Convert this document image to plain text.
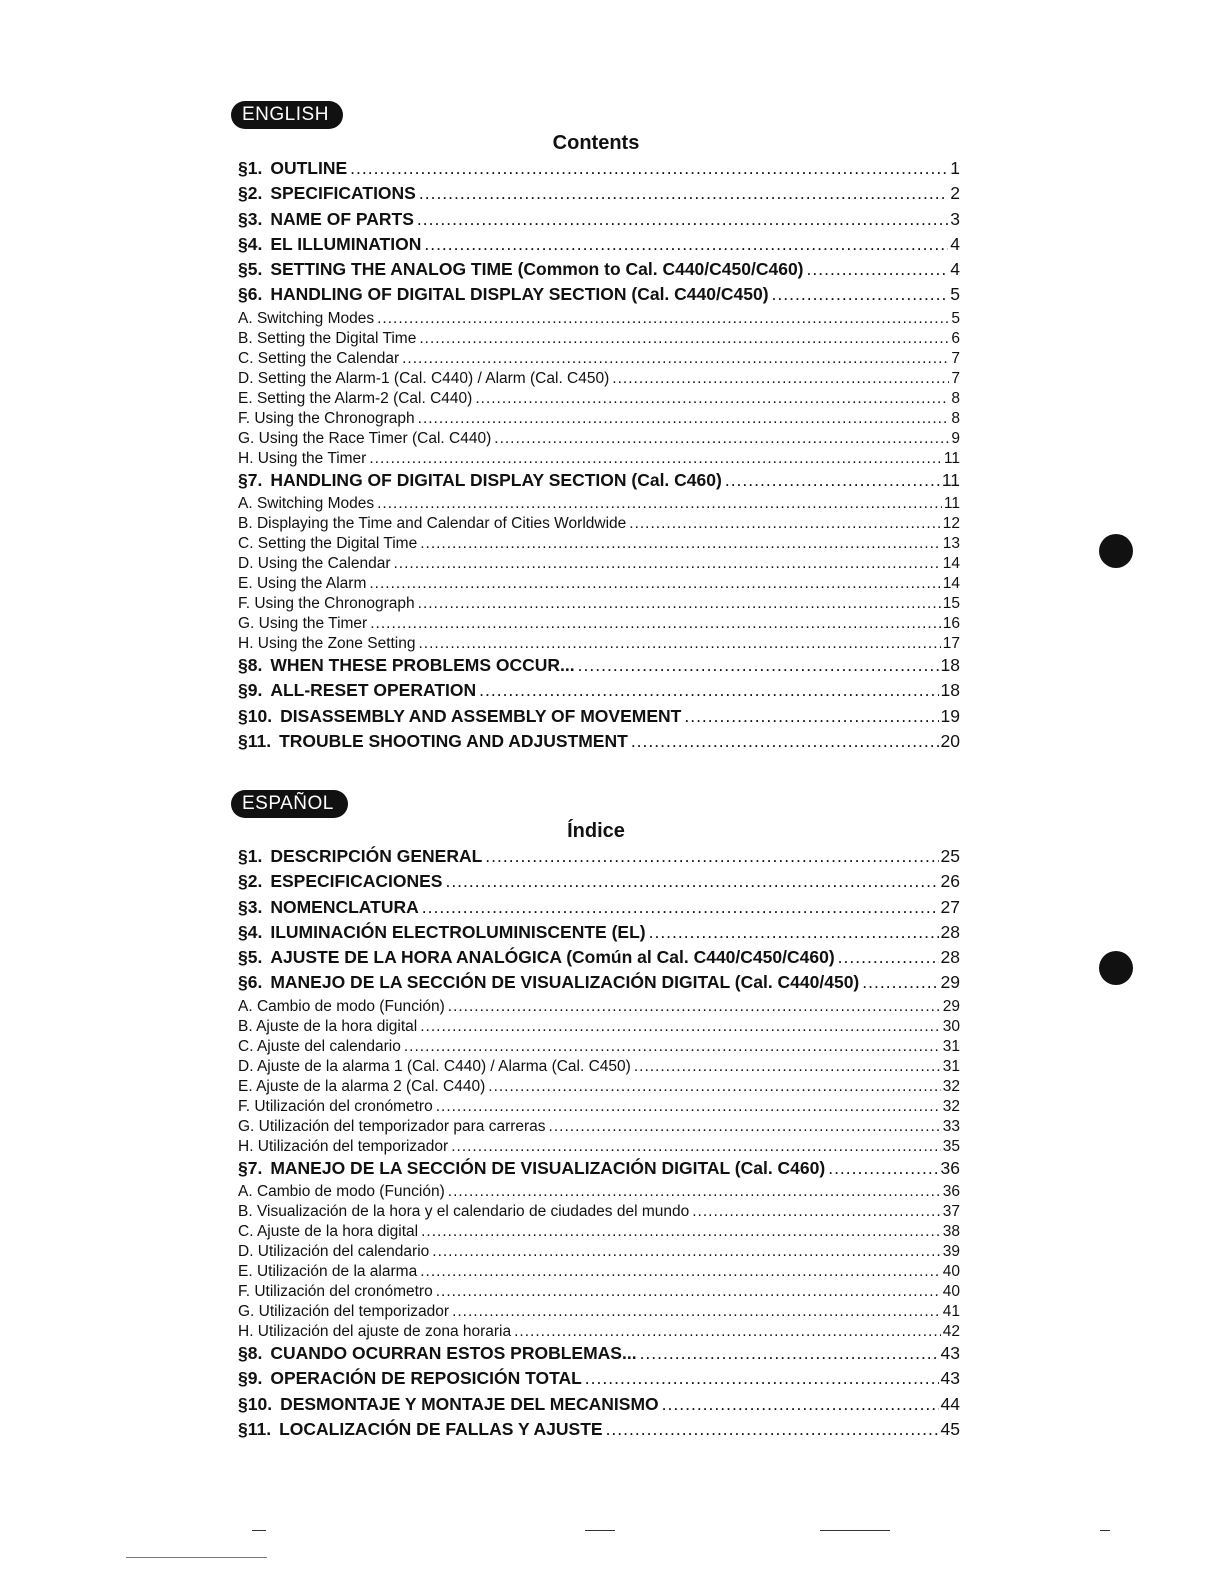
ENGLISH
Contents
§1. OUTLINE .....	1
§2. SPECIFICATIONS .....	2
§3. NAME OF PARTS .....	3
§4. EL ILLUMINATION .....	4
§5. SETTING THE ANALOG TIME (Common to Cal. C440/C450/C460) .....	4
§6. HANDLING OF DIGITAL DISPLAY SECTION (Cal. C440/C450) .....	5
A. Switching Modes .....	5
B. Setting the Digital Time .....	6
C. Setting the Calendar .....	7
D. Setting the Alarm-1 (Cal. C440) / Alarm (Cal. C450) .....	7
E. Setting the Alarm-2 (Cal. C440) .....	8
F. Using the Chronograph .....	8
G. Using the Race Timer (Cal. C440) .....	9
H. Using the Timer .....	11
§7. HANDLING OF DIGITAL DISPLAY SECTION (Cal. C460) .....	11
A. Switching Modes .....	11
B. Displaying the Time and Calendar of Cities Worldwide .....	12
C. Setting the Digital Time .....	13
D. Using the Calendar .....	14
E. Using the Alarm .....	14
F. Using the Chronograph .....	15
G. Using the Timer .....	16
H. Using the Zone Setting .....	17
§8. WHEN THESE PROBLEMS OCCUR... .....	18
§9. ALL-RESET OPERATION .....	18
§10. DISASSEMBLY AND ASSEMBLY OF MOVEMENT .....	19
§11. TROUBLE SHOOTING AND ADJUSTMENT .....	20
ESPAÑOL
Índice
§1. DESCRIPCIÓN GENERAL .....	25
§2. ESPECIFICACIONES .....	26
§3. NOMENCLATURA .....	27
§4. ILUMINACIÓN ELECTROLUMINISCENTE (EL) .....	28
§5. AJUSTE DE LA HORA ANALÓGICA (Común al Cal. C440/C450/C460) .....	28
§6. MANEJO DE LA SECCIÓN DE VISUALIZACIÓN DIGITAL (Cal. C440/450) .....	29
A. Cambio de modo (Función) .....	29
B. Ajuste de la hora digital .....	30
C. Ajuste del calendario .....	31
D. Ajuste de la alarma 1 (Cal. C440) / Alarma (Cal. C450) .....	31
E. Ajuste de la alarma 2 (Cal. C440) .....	32
F. Utilización del cronómetro .....	32
G. Utilización del temporizador para carreras .....	33
H. Utilización del temporizador .....	35
§7. MANEJO DE LA SECCIÓN DE VISUALIZACIÓN DIGITAL (Cal. C460) .....	36
A. Cambio de modo (Función) .....	36
B. Visualización de la hora y el calendario de ciudades del mundo .....	37
C. Ajuste de la hora digital .....	38
D. Utilización del calendario .....	39
E. Utilización de la alarma .....	40
F. Utilización del cronómetro .....	40
G. Utilización del temporizador .....	41
H. Utilización del ajuste de zona horaria .....	42
§8. CUANDO OCURRAN ESTOS PROBLEMAS... .....	43
§9. OPERACIÓN DE REPOSICIÓN TOTAL .....	43
§10. DESMONTAJE Y MONTAJE DEL MECANISMO .....	44
§11. LOCALIZACIÓN DE FALLAS Y AJUSTE .....	45
